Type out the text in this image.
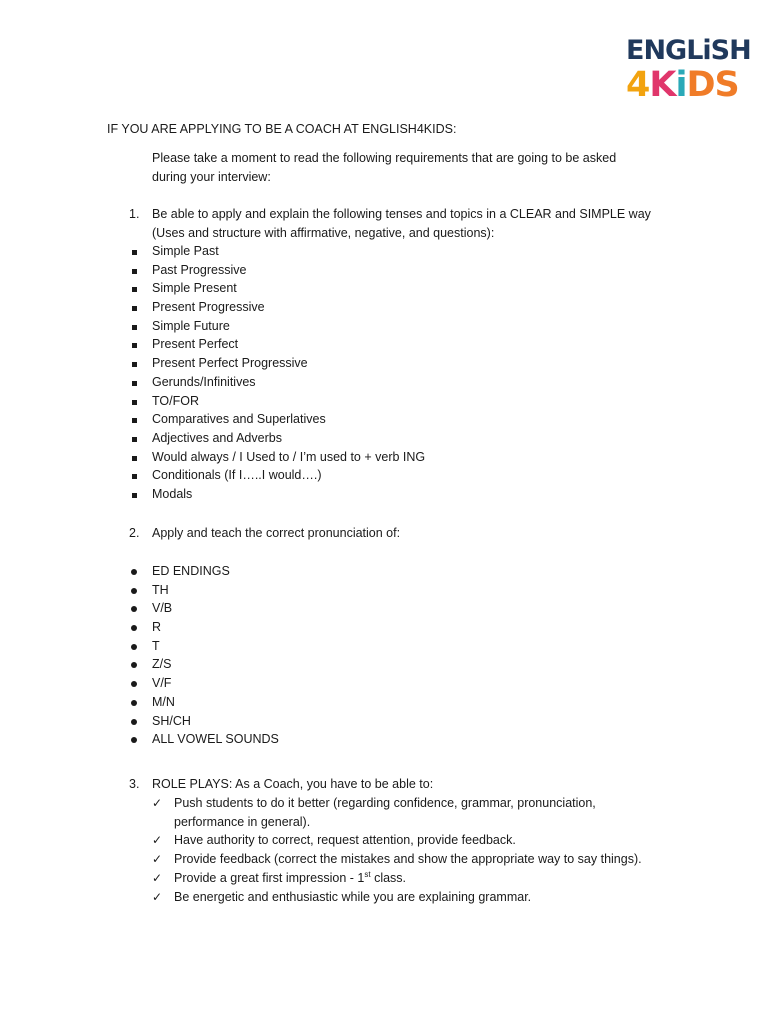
ENGLiSH
4KiDS
IF YOU ARE APPLYING TO BE A COACH AT ENGLISH4KIDS:
Please take a moment to read the following requirements that are going to be asked during your interview:
1. Be able to apply and explain the following tenses and topics in a CLEAR and SIMPLE way (Uses and structure with affirmative, negative, and questions):
Simple Past
Past Progressive
Simple Present
Present Progressive
Simple Future
Present Perfect
Present Perfect Progressive
Gerunds/Infinitives
TO/FOR
Comparatives and Superlatives
Adjectives and Adverbs
Would always / I Used to / I’m used to + verb ING
Conditionals (If I…..I would….)
Modals
2. Apply and teach the correct pronunciation of:
ED ENDINGS
TH
V/B
R
T
Z/S
V/F
M/N
SH/CH
ALL VOWEL SOUNDS
3. ROLE PLAYS: As a Coach, you have to be able to:
✓ Push students to do it better (regarding confidence, grammar, pronunciation, performance in general).
✓ Have authority to correct, request attention, provide feedback.
✓ Provide feedback (correct the mistakes and show the appropriate way to say things).
✓ Provide a great first impression - 1st class.
✓ Be energetic and enthusiastic while you are explaining grammar.
